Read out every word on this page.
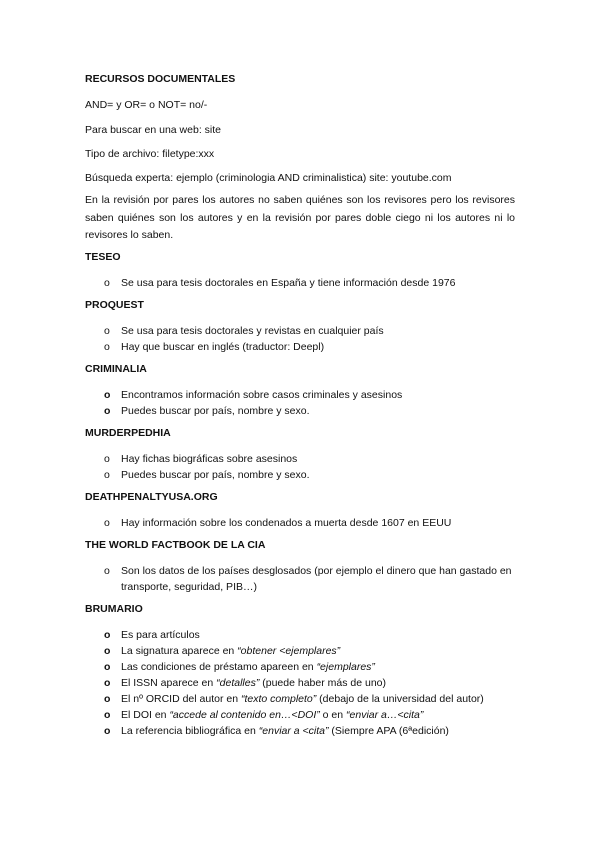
RECURSOS DOCUMENTALES

AND= y OR= o NOT= no/-

Para buscar en una web: site

Tipo de archivo: filetype:xxx

Búsqueda experta: ejemplo (criminologia AND criminalistica) site: youtube.com

En la revisión por pares los autores no saben quiénes son los revisores pero los revisores saben quiénes son los autores y en la revisión por pares doble ciego ni los autores ni lo revisores lo saben.

TESEO

o Se usa para tesis doctorales en España y tiene información desde 1976

PROQUEST

o Se usa para tesis doctorales y revistas en cualquier país
o Hay que buscar en inglés (traductor: Deepl)

CRIMINALIA

o Encontramos información sobre casos criminales y asesinos
o Puedes buscar por país, nombre y sexo.

MURDERPEDHIA

o Hay fichas biográficas sobre asesinos
o Puedes buscar por país, nombre y sexo.

DEATHPENALTYUSA.ORG

o Hay información sobre los condenados a muerta desde 1607 en EEUU

THE WORLD FACTBOOK DE LA CIA

o Son los datos de los países desglosados (por ejemplo el dinero que han gastado en transporte, seguridad, PIB…)

BRUMARIO

o Es para artículos
o La signatura aparece en “obtener <ejemplares”
o Las condiciones de préstamo apareen en “ejemplares”
o El ISSN aparece en “detalles” (puede haber más de uno)
o El nº ORCID del autor en “texto completo” (debajo de la universidad del autor)
o El DOI en “accede al contenido en…<DOI” o en “enviar a…<cita”
o La referencia bibliográfica en “enviar a <cita” (Siempre APA (6ªedición)
